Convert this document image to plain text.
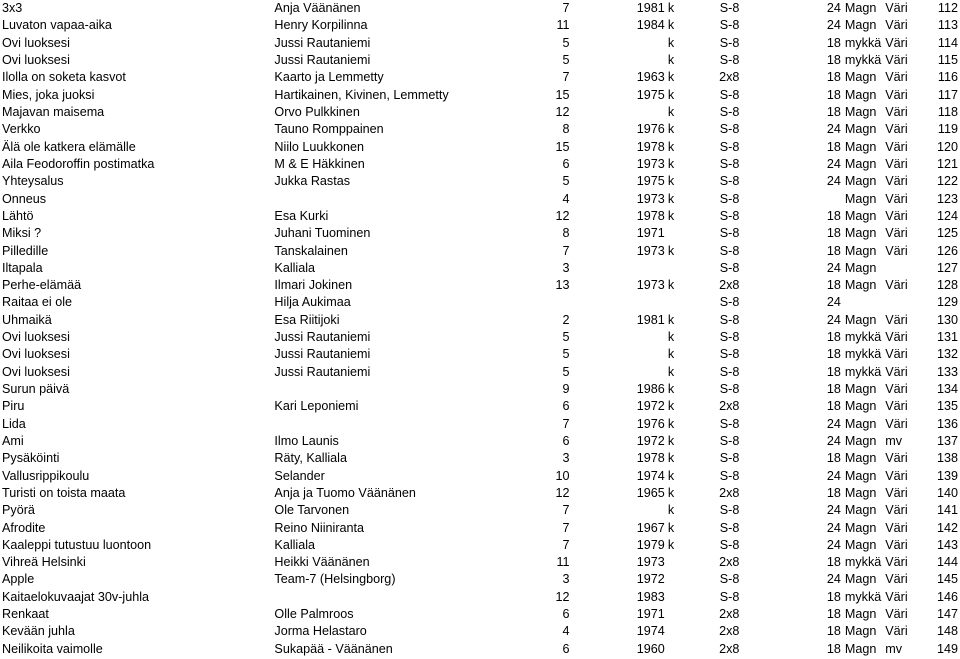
3x3	Anja Väänänen	7	1981	k	S-8	24	Magn	Väri	112
Luvaton vapaa-aika	Henry Korpilinna	11	1984	k	S-8	24	Magn	Väri	113
Ovi luoksesi	Jussi Rautaniemi	5		k	S-8	18	mykkä	Väri	114
Ovi luoksesi	Jussi Rautaniemi	5		k	S-8	18	mykkä	Väri	115
Ilolla on soketa kasvot	Kaarto ja Lemmetty	7	1963	k	2x8	18	Magn	Väri	116
Mies, joka juoksi	Hartikainen, Kivinen, Lemmetty	15	1975	k	S-8	18	Magn	Väri	117
Majavan maisema	Orvo Pulkkinen	12		k	S-8	18	Magn	Väri	118
Verkko	Tauno Romppainen	8	1976	k	S-8	24	Magn	Väri	119
Älä ole katkera elämälle	Niilo Luukkonen	15	1978	k	S-8	18	Magn	Väri	120
Aila Feodoroffin postimatka	M & E Häkkinen	6	1973	k	S-8	24	Magn	Väri	121
Yhteysalus	Jukka Rastas	5	1975	k	S-8	24	Magn	Väri	122
Onneus		4	1973	k	S-8		Magn	Väri	123
Lähtö	Esa Kurki	12	1978	k	S-8	18	Magn	Väri	124
Miksi ?	Juhani Tuominen	8	1971		S-8	18	Magn	Väri	125
Pilledille	Tanskalainen	7	1973	k	S-8	18	Magn	Väri	126
Iltapala	Kalliala	3			S-8	24	Magn		127
Perhe-elämää	Ilmari Jokinen	13	1973	k	2x8	18	Magn	Väri	128
Raitaa ei ole	Hilja Aukimaa				S-8	24			129
Uhmaikä	Esa Riitijoki	2	1981	k	S-8	24	Magn	Väri	130
Ovi luoksesi	Jussi Rautaniemi	5		k	S-8	18	mykkä	Väri	131
Ovi luoksesi	Jussi Rautaniemi	5		k	S-8	18	mykkä	Väri	132
Ovi luoksesi	Jussi Rautaniemi	5		k	S-8	18	mykkä	Väri	133
Surun päivä		9	1986	k	S-8	18	Magn	Väri	134
Piru	Kari Leponiemi	6	1972	k	2x8	18	Magn	Väri	135
Lida		7	1976	k	S-8	24	Magn	Väri	136
Ami	Ilmo Launis	6	1972	k	S-8	24	Magn	mv	137
Pysäköinti	Räty, Kalliala	3	1978	k	S-8	18	Magn	Väri	138
Vallusrippikoulu	Selander	10	1974	k	S-8	24	Magn	Väri	139
Turisti on toista maata	Anja ja Tuomo Väänänen	12	1965	k	2x8	18	Magn	Väri	140
Pyörä	Ole Tarvonen	7		k	S-8	24	Magn	Väri	141
Afrodite	Reino Niiniranta	7	1967	k	S-8	24	Magn	Väri	142
Kaaleppi tutustuu luontoon	Kalliala	7	1979	k	S-8	24	Magn	Väri	143
Vihreä Helsinki	Heikki Väänänen	11	1973		2x8	18	mykkä	Väri	144
Apple	Team-7 (Helsingborg)	3	1972		S-8	24	Magn	Väri	145
Kaitaelokuvaajat 30v-juhla		12	1983		S-8	18	mykkä	Väri	146
Renkaat	Olle Palmroos	6	1971		2x8	18	Magn	Väri	147
Kevään juhla	Jorma Helastaro	4	1974		2x8	18	Magn	Väri	148
Neilikoita vaimolle	Sukapää - Väänänen	6	1960		2x8	18	Magn	mv	149
